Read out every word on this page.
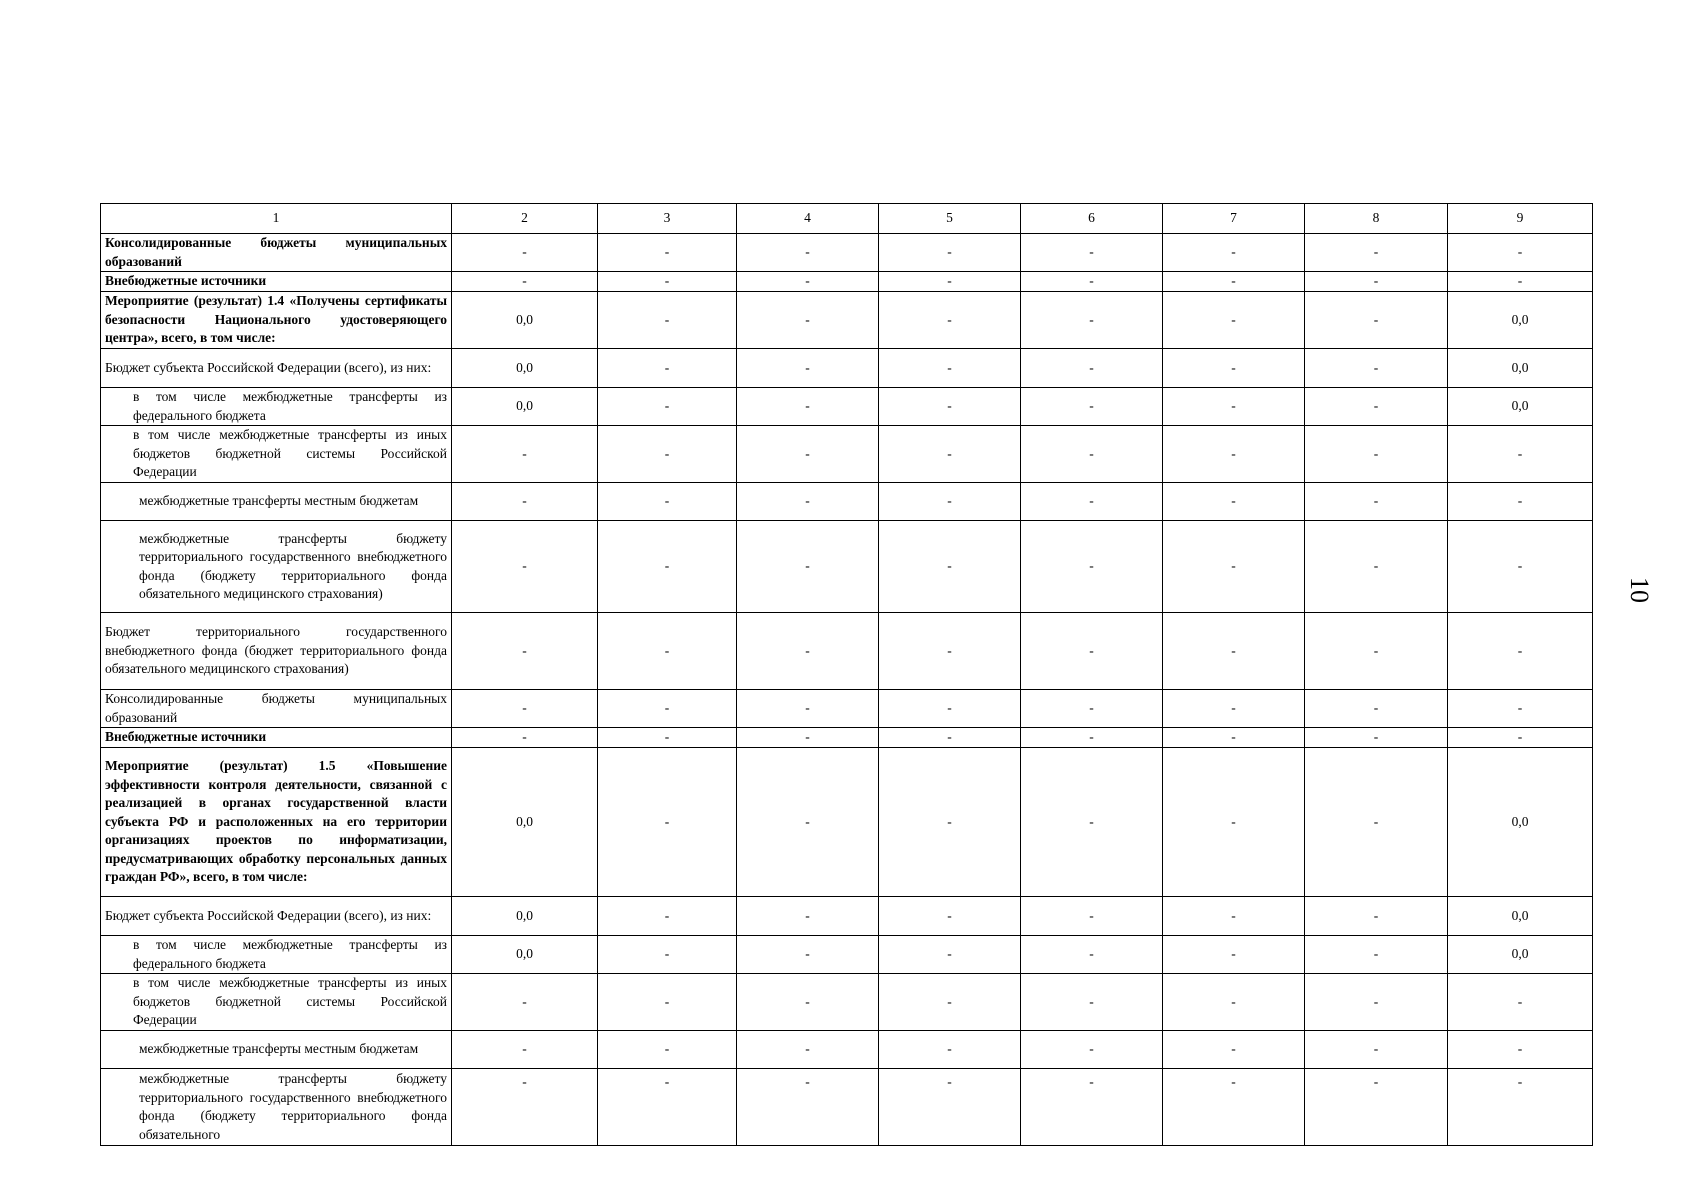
1	2	3	4	5	6	7	8	9
Консолидированные бюджеты муниципальных образований	-	-	-	-	-	-	-	-
Внебюджетные источники	-	-	-	-	-	-	-	-
Мероприятие (результат) 1.4 «Получены сертификаты безопасности Национального удостоверяющего центра», всего, в том числе:	0,0	-	-	-	-	-	-	0,0
Бюджет субъекта Российской Федерации (всего), из них:	0,0	-	-	-	-	-	-	0,0
в том числе межбюджетные трансферты из федерального бюджета	0,0	-	-	-	-	-	-	0,0
в том числе межбюджетные трансферты из иных бюджетов бюджетной системы Российской Федерации	-	-	-	-	-	-	-	-
межбюджетные трансферты местным бюджетам	-	-	-	-	-	-	-	-
межбюджетные трансферты бюджету территориального государственного внебюджетного фонда (бюджету территориального фонда обязательного медицинского страхования)	-	-	-	-	-	-	-	-
Бюджет территориального государственного внебюджетного фонда (бюджет территориального фонда обязательного медицинского страхования)	-	-	-	-	-	-	-	-
Консолидированные бюджеты муниципальных образований	-	-	-	-	-	-	-	-
Внебюджетные источники	-	-	-	-	-	-	-	-
Мероприятие (результат) 1.5 «Повышение эффективности контроля деятельности, связанной с реализацией в органах государственной власти субъекта РФ и расположенных на его территории организациях проектов по информатизации, предусматривающих обработку персональных данных граждан РФ», всего, в том числе:	0,0	-	-	-	-	-	-	0,0
Бюджет субъекта Российской Федерации (всего), из них:	0,0	-	-	-	-	-	-	0,0
в том числе межбюджетные трансферты из федерального бюджета	0,0	-	-	-	-	-	-	0,0
в том числе межбюджетные трансферты из иных бюджетов бюджетной системы Российской Федерации	-	-	-	-	-	-	-	-
межбюджетные трансферты местным бюджетам	-	-	-	-	-	-	-	-
межбюджетные трансферты бюджету территориального государственного внебюджетного фонда (бюджету территориального фонда обязательного	-	-	-	-	-	-	-	-
10
